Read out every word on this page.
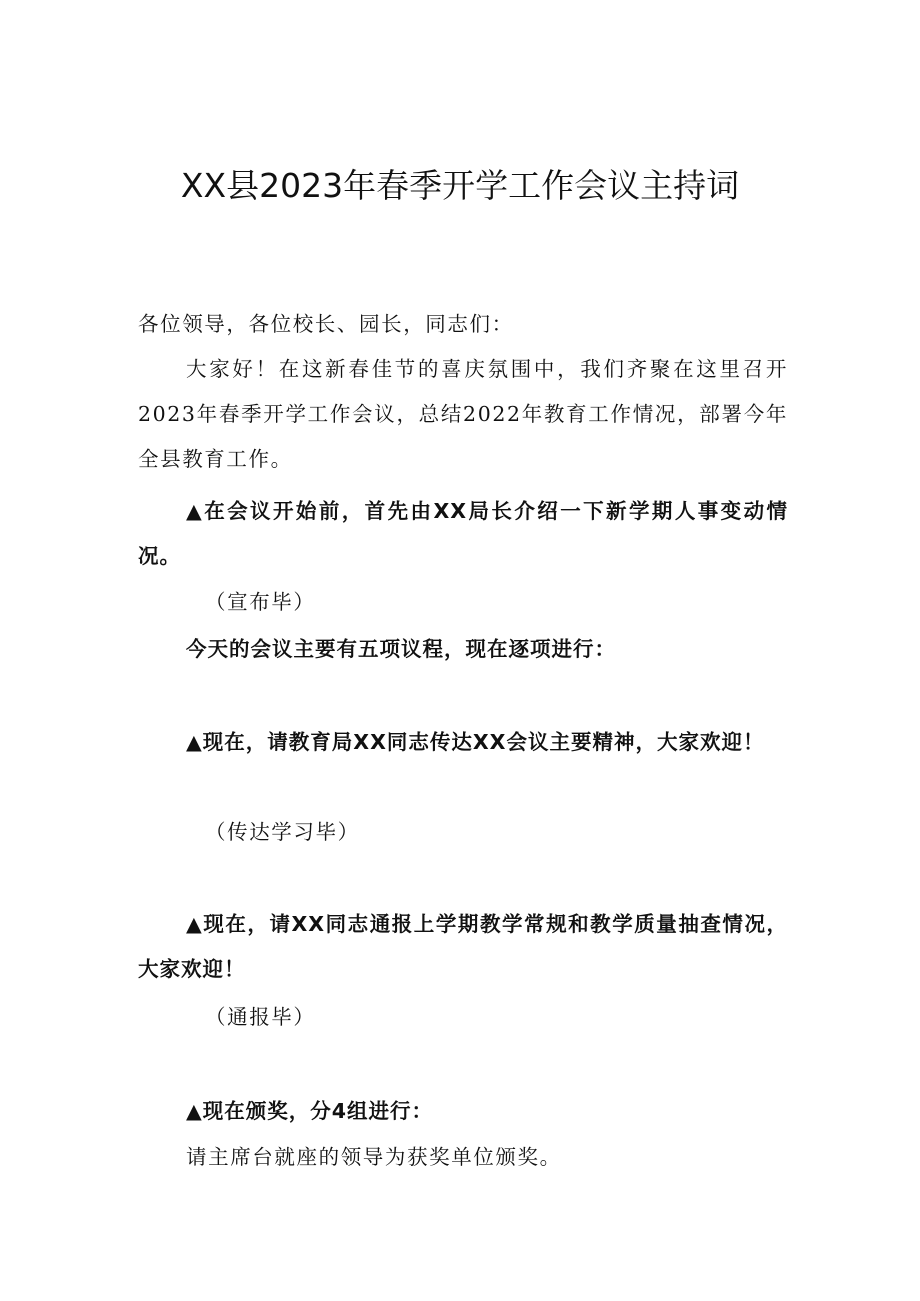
XX县2023年春季开学工作会议主持词
各位领导，各位校长、园长，同志们：
大家好！在这新春佳节的喜庆氛围中，我们齐聚在这里召开2023年春季开学工作会议，总结2022年教育工作情况，部署今年全县教育工作。
▲在会议开始前，首先由XX局长介绍一下新学期人事变动情况。
（宣布毕）
今天的会议主要有五项议程，现在逐项进行：
▲现在，请教育局XX同志传达XX会议主要精神，大家欢迎！
（传达学习毕）
▲现在，请XX同志通报上学期教学常规和教学质量抽查情况，大家欢迎！
（通报毕）
▲现在颁奖，分4组进行：
请主席台就座的领导为获奖单位颁奖。
